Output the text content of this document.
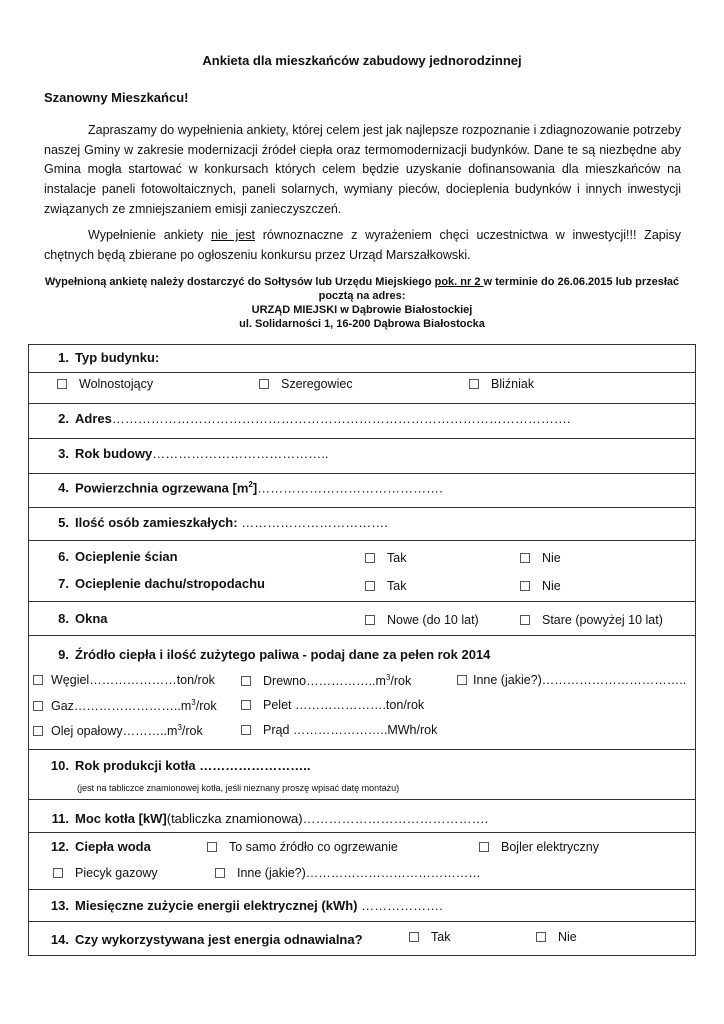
Ankieta dla mieszkańców zabudowy jednorodzinnej
Szanowny Mieszkańcu!
Zapraszamy do wypełnienia ankiety, której celem jest jak najlepsze rozpoznanie i zdiagnozowanie potrzeby naszej Gminy w zakresie modernizacji źródeł ciepła oraz termomodernizacji budynków. Dane te są niezbędne aby Gmina mogła startować w konkursach których celem będzie uzyskanie dofinansowania dla mieszkańców na instalacje paneli fotowoltaicznych, paneli solarnych, wymiany pieców, docieplenia budynków i innych inwestycji związanych ze zmniejszaniem emisji zanieczyszczeń.
Wypełnienie ankiety nie jest równoznaczne z wyrażeniem chęci uczestnictwa w inwestycji!!! Zapisy chętnych będą zbierane po ogłoszeniu konkursu przez Urząd Marszałkowski.
Wypełnioną ankietę należy dostarczyć do Sołtysów lub Urzędu Miejskiego pok. nr 2 w terminie do 26.06.2015 lub przesłać
pocztą na adres:
URZĄD MIEJSKI w Dąbrowie Białostockiej
ul. Solidarności 1, 16-200 Dąbrowa Białostocka
1. Typ budynku:
Wolnostojący	Szeregowiec	Bliźniak
2. Adres…………………………………………………………………………………………….
3. Rok budowy…………………………………..
4. Powierzchnia ogrzewana $[m^2]\dots\dots\dots\dots\dots\dots\dots\dots\dots\dots\dots\dots\dots\dots$.
5. Ilość osób zamieszkałych: …………………………….
6. Ocieplenie ścian	Tak	Nie
7. Ocieplenie dachu/stropodachu	Tak	Nie
8. Okna	Nowe (do 10 lat)	Stare (powyżej 10 lat)
9. Źródło ciepła i ilość zużytego paliwa - podaj dane za pełen rok 2014
Węgiel…………………ton/rok	$Drewno\dots\dots\dots\dots\dots..m^3$/rok	Inne (jakie?)……………………………..
$Gaz\dots\dots\dots\dots\dots\dots\dots\dots..m^3$/rok	Pelet ………………….ton/rok
Olej $opałowy\dots\dots\dots..m^3$/rok	Prąd …………………..MWh/rok
10. Rok produkcji kotła ……………………..
(jest na tabliczce znamionowej kotła, jeśli nieznany proszę wpisać datę montażu)
11. Moc kotła [kW](tabliczka znamionowa)…………………………………….
12. Ciepła woda	To samo źródło co ogrzewanie	Bojler elektryczny
Piecyk gazowy	Inne (jakie?)……………………………………
13. Miesięczne zużycie energii elektrycznej (kWh) ……………….
14. Czy wykorzystywana jest energia odnawialna?	Tak	Nie
